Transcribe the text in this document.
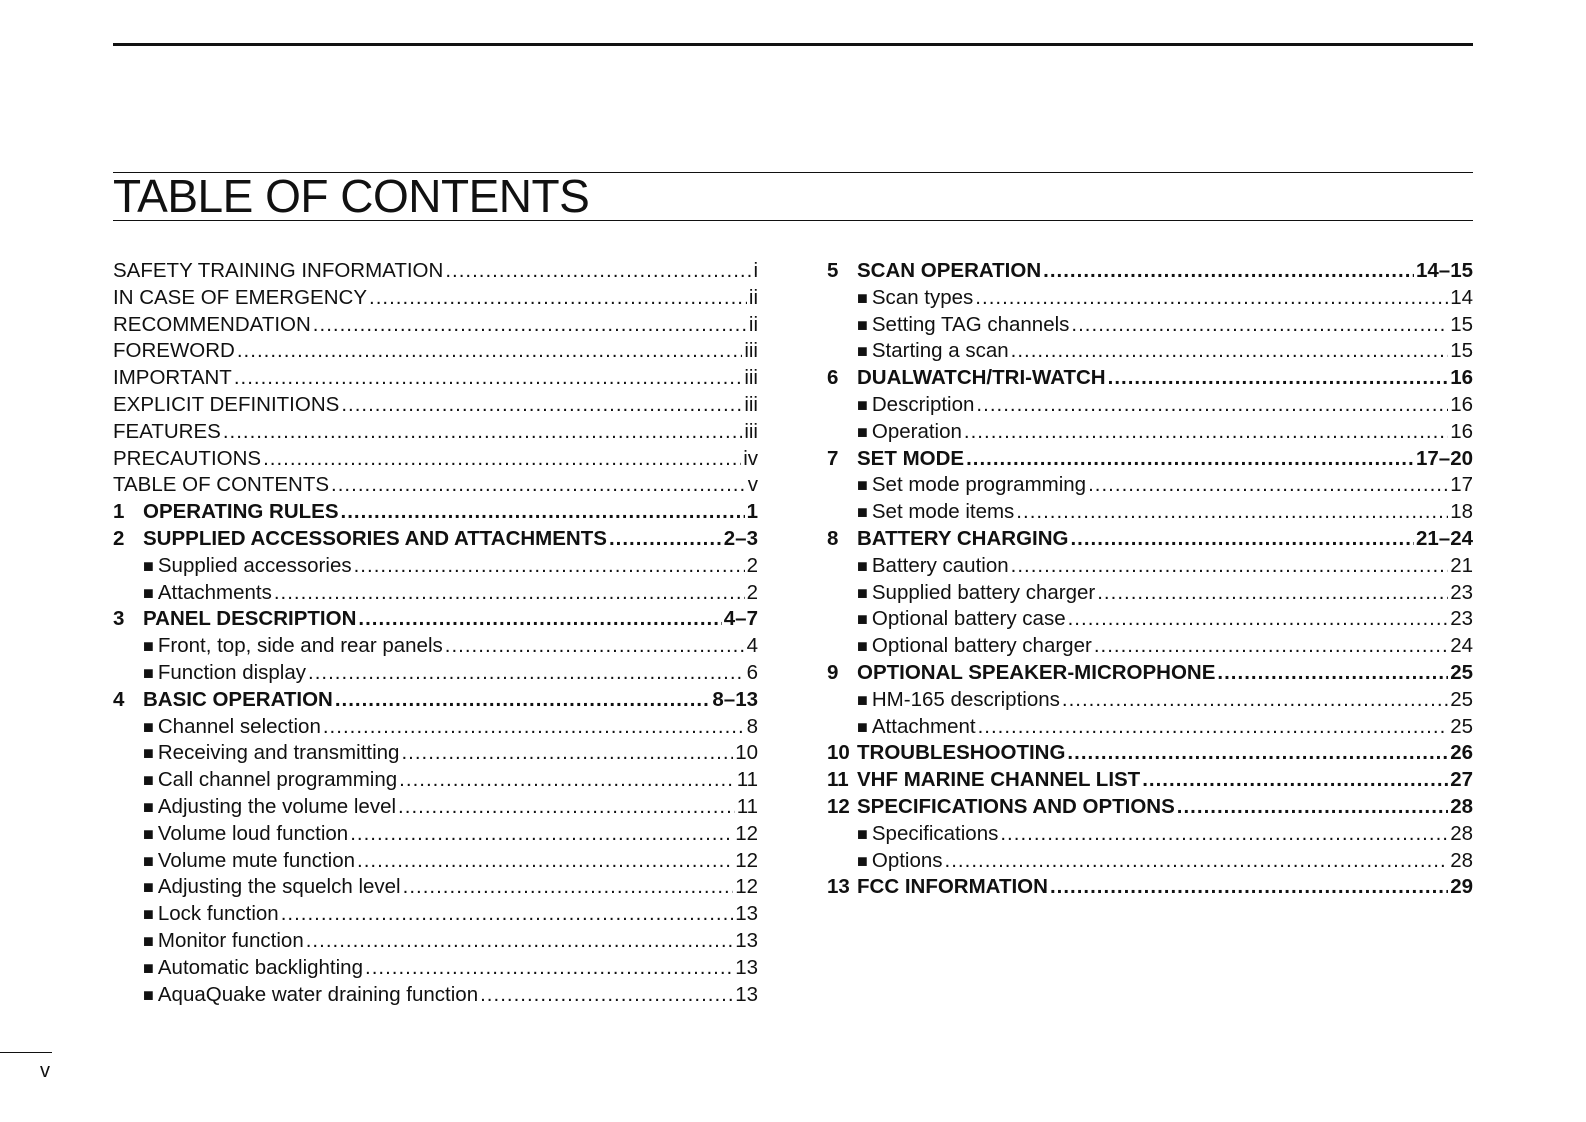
TABLE OF CONTENTS
SAFETY TRAINING INFORMATION .....	i
IN CASE OF EMERGENCY .....	ii
RECOMMENDATION .....	ii
FOREWORD .....	iii
IMPORTANT .....	iii
EXPLICIT DEFINITIONS .....	iii
FEATURES .....	iii
PRECAUTIONS .....	iv
TABLE OF CONTENTS .....	v
1 OPERATING RULES .....	1
2 SUPPLIED ACCESSORIES AND ATTACHMENTS .....	2–3
■ Supplied accessories .....	2
■ Attachments .....	2
3 PANEL DESCRIPTION .....	4–7
■ Front, top, side and rear panels .....	4
■ Function display .....	6
4 BASIC OPERATION .....	8–13
■ Channel selection .....	8
■ Receiving and transmitting .....	10
■ Call channel programming .....	11
■ Adjusting the volume level .....	11
■ Volume loud function .....	12
■ Volume mute function .....	12
■ Adjusting the squelch level .....	12
■ Lock function .....	13
■ Monitor function .....	13
■ Automatic backlighting .....	13
■ AquaQuake water draining function .....	13
5 SCAN OPERATION .....	14–15
■ Scan types .....	14
■ Setting TAG channels .....	15
■ Starting a scan .....	15
6 DUALWATCH/TRI-WATCH .....	16
■ Description .....	16
■ Operation .....	16
7 SET MODE .....	17–20
■ Set mode programming .....	17
■ Set mode items .....	18
8 BATTERY CHARGING .....	21–24
■ Battery caution .....	21
■ Supplied battery charger .....	23
■ Optional battery case .....	23
■ Optional battery charger .....	24
9 OPTIONAL SPEAKER-MICROPHONE .....	25
■ HM-165 descriptions .....	25
■ Attachment .....	25
10 TROUBLESHOOTING .....	26
11 VHF MARINE CHANNEL LIST .....	27
12 SPECIFICATIONS AND OPTIONS .....	28
■ Specifications .....	28
■ Options .....	28
13 FCC INFORMATION .....	29
v
